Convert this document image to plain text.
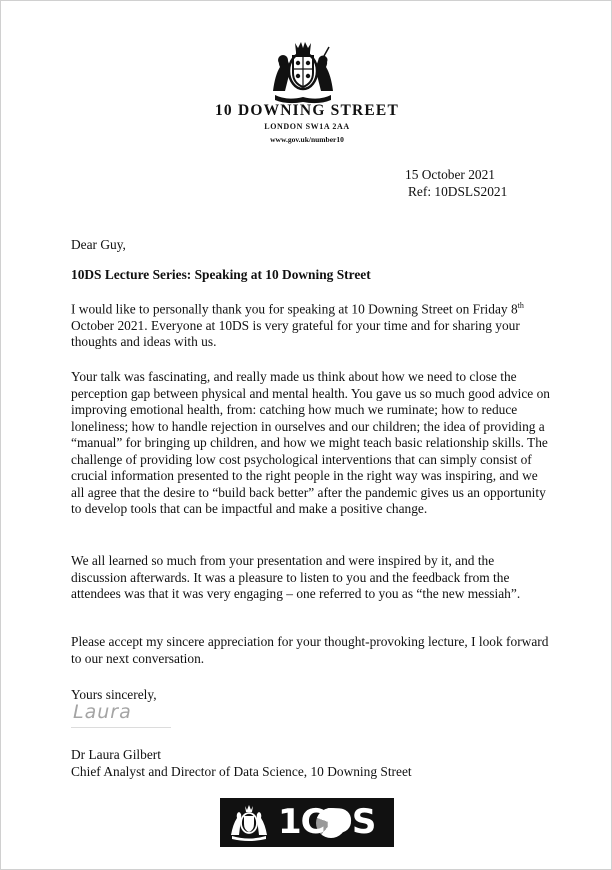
10 DOWNING STREET
LONDON SW1A 2AA
www.gov.uk/number10
15 October 2021
Ref: 10DSLS2021

Dear Guy,

10DS Lecture Series: Speaking at 10 Downing Street

I would like to personally thank you for speaking at 10 Downing Street on Friday 8th October 2021. Everyone at 10DS is very grateful for your time and for sharing your thoughts and ideas with us.

Your talk was fascinating, and really made us think about how we need to close the perception gap between physical and mental health. You gave us so much good advice on improving emotional health, from: catching how much we ruminate; how to reduce loneliness; how to handle rejection in ourselves and our children; the idea of providing a “manual” for bringing up children, and how we might teach basic relationship skills. The challenge of providing low cost psychological interventions that can simply consist of crucial information presented to the right people in the right way was inspiring, and we all agree that the desire to “build back better” after the pandemic gives us an opportunity to develop tools that can be impactful and make a positive change.

We all learned so much from your presentation and were inspired by it, and the discussion afterwards. It was a pleasure to listen to you and the feedback from the attendees was that it was very engaging – one referred to you as “the new messiah”.

Please accept my sincere appreciation for your thought-provoking lecture, I look forward to our next conversation.

Yours sincerely,

Laura

Dr Laura Gilbert

Chief Analyst and Director of Data Science, 10 Downing Street

1CDS
